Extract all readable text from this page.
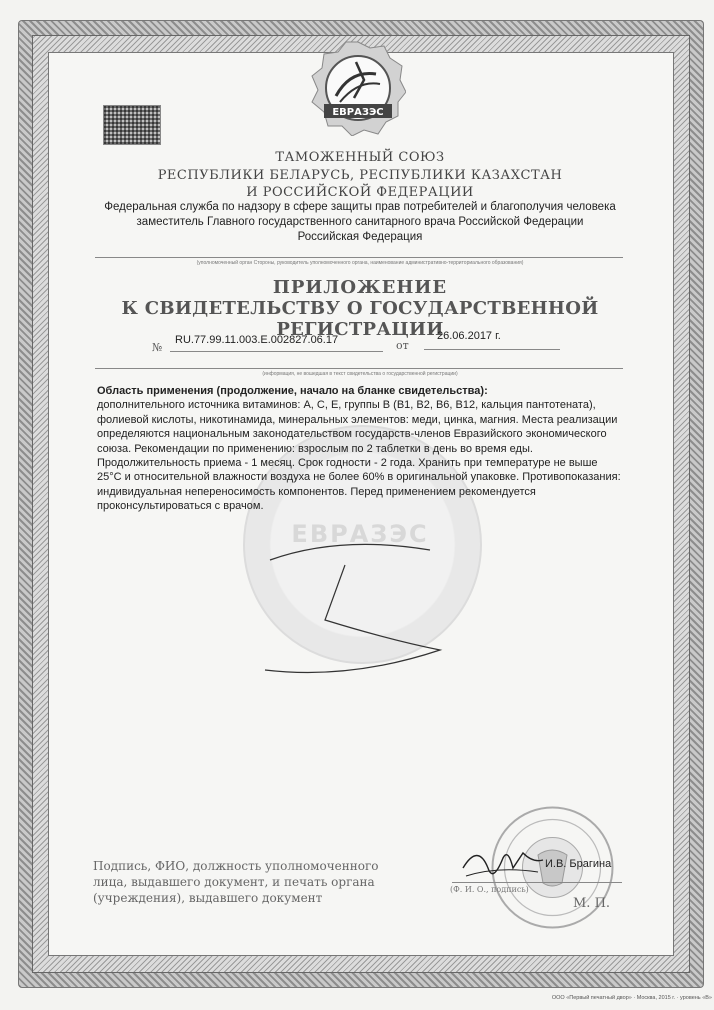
ЕВРАЗЭС
ЕВРАЗЭС
ТАМОЖЕННЫЙ СОЮЗ
РЕСПУБЛИКИ БЕЛАРУСЬ, РЕСПУБЛИКИ КАЗАХСТАН
И РОССИЙСКОЙ ФЕДЕРАЦИИ
Федеральная служба по надзору в сфере защиты прав потребителей и благополучия человека
заместитель Главного государственного санитарного врача Российской Федерации
Российская Федерация
(уполномоченный орган Стороны, руководитель уполномоченного органа, наименование административно-территориального образования)
ПРИЛОЖЕНИЕ
К СВИДЕТЕЛЬСТВУ О ГОСУДАРСТВЕННОЙ РЕГИСТРАЦИИ
№
RU.77.99.11.003.Е.002827.06.17	от
26.06.2017 г.
(информация, не вошедшая в текст свидетельства о государственной регистрации)
Область применения (продолжение, начало на бланке свидетельства):
дополнительного источника витаминов: А, С, Е, группы В (В1, В2, В6, В12, кальция пантотената), фолиевой кислоты, никотинамида, минеральных элементов: меди, цинка, магния. Места реализации определяются национальным законодательством государств-членов Евразийского экономического союза. Рекомендации по применению: взрослым по 2 таблетки в день во время еды. Продолжительность приема - 1 месяц. Срок годности - 2 года. Хранить при температуре не выше 25°С и относительной влажности воздуха не более 60% в оригинальной упаковке. Противопоказания: индивидуальная непереносимость компонентов. Перед применением рекомендуется проконсультироваться с врачом.
Подпись, ФИО, должность уполномоченного лица, выдавшего документ, и печать органа (учреждения), выдавшего документ
И.В. Брагина
(Ф. И. О., подпись)
М. П.
ООО «Первый печатный двор» · Москва, 2015 г. · уровень «В»
